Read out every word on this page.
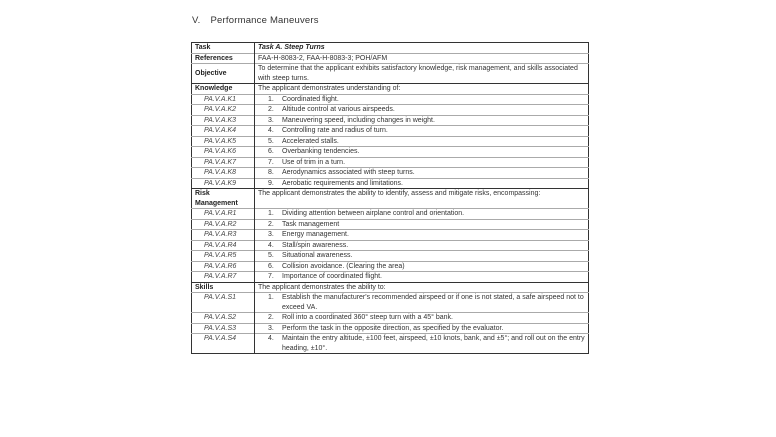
V. Performance Maneuvers
Task	Task A. Steep Turns
References	FAA-H-8083-2, FAA-H-8083-3; POH/AFM
Objective	To determine that the applicant exhibits satisfactory knowledge, risk management, and skills associated with steep turns.
Knowledge	The applicant demonstrates understanding of:
PA.V.A.K1	1. Coordinated flight.

PA.V.A.K2	2. Altitude control at various airspeeds.

PA.V.A.K3	3. Maneuvering speed, including changes in weight.

PA.V.A.K4	4. Controlling rate and radius of turn.

PA.V.A.K5	5. Accelerated stalls.

PA.V.A.K6	6. Overbanking tendencies.

PA.V.A.K7	7. Use of trim in a turn.

PA.V.A.K8	8. Aerodynamics associated with steep turns.

PA.V.A.K9	9. Aerobatic requirements and limitations.

Risk
Management	The applicant demonstrates the ability to identify, assess and mitigate risks, encompassing:
PA.V.A.R1	1. Dividing attention between airplane control and orientation.

PA.V.A.R2	2. Task management

PA.V.A.R3	3. Energy management.

PA.V.A.R4	4. Stall/spin awareness.

PA.V.A.R5	5. Situational awareness.

PA.V.A.R6	6. Collision avoidance. (Clearing the area)

PA.V.A.R7	7. Importance of coordinated flight.

Skills	The applicant demonstrates the ability to:
PA.V.A.S1	1. Establish the manufacturer's recommended airspeed or if one is not stated, a safe airspeed not to exceed VA.

PA.V.A.S2	2. Roll into a coordinated 360° steep turn with a 45° bank.

PA.V.A.S3	3. Perform the task in the opposite direction, as specified by the evaluator.

PA.V.A.S4	4. Maintain the entry altitude, ±100 feet, airspeed, ±10 knots, bank, and ±5°; and roll out on the entry heading, ±10°.
